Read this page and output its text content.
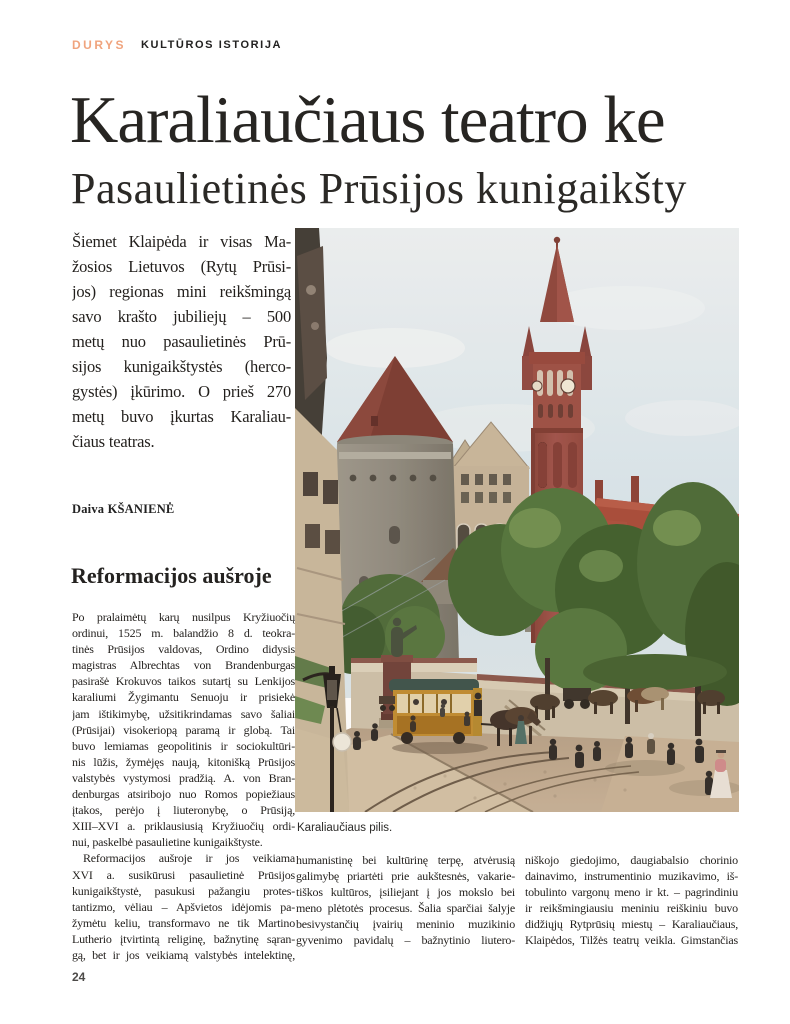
DURYS KULTŪROS ISTORIJA
Karaliaučiaus teatro ke
Pasaulietinės Prūsijos kunigaikšty
Šiemet Klaipėda ir visas Ma-
žosios Lietuvos (Rytų Prūsi-
jos) regionas mini reikšmingą
savo krašto jubiliejų – 500
metų nuo pasaulietinės Prū-
sijos kunigaikštystės (herco-
gystės) įkūrimo. O prieš 270
metų buvo įkurtas Karaliau-
čiaus teatras.
Daiva KŠANIENĖ
Reformacijos aušroje
Po pralaimėtų karų nusilpus Kryžiuočių
ordinui, 1525 m. balandžio 8 d. teokra-
tinės Prūsijos valdovas, Ordino didysis
magistras Albrechtas von Brandenburgas
pasirašė Krokuvos taikos sutartį su Lenkijos
karaliumi Žygimantu Senuoju ir prisiekė
jam ištikimybę, užsitikrindamas savo šaliai
(Prūsijai) visokeriopą paramą ir globą. Tai
buvo lemiamas geopolitinis ir sociokultūri-
nis lūžis, žymėjęs naują, kitonišką Prūsijos
valstybės vystymosi pradžią. A. von Bran-
denburgas atsiribojo nuo Romos popiežiaus
įtakos, perėjo į liuteronybę, o Prūsiją,
XIII–XVI a. priklausiusią Kryžiuočių ordi-
nui, paskelbė pasaulietine kunigaikštyste.
Reformacijos aušroje ir jos veikiama
XVI a. susikūrusi pasaulietinė Prūsijos
kunigaikštystė, pasukusi pažangiu protes-
tantizmo, vėliau – Apšvietos idėjomis pa-
žymėtu keliu, transformavo ne tik Martino
Lutherio įtvirtintą religinę, bažnytinę sąran-
gą, bet ir jos veikiamą valstybės intelektinę,
Karaliaučiaus pilis.
humanistinę bei kultūrinę terpę, atvėrusią
galimybę priartėti prie aukštesnės, vakarie-
tiškos kultūros, įsiliejant į jos mokslo bei
meno plėtotės procesus. Šalia sparčiai šalyje
besivystančių įvairių meninio muzikinio
gyvenimo pavidalų – bažnytinio liutero-
niškojo giedojimo, daugiabalsio chorinio
dainavimo, instrumentinio muzikavimo, iš-
tobulinto vargonų meno ir kt. – pagrindiniu
ir reikšmingiausiu meniniu reiškiniu buvo
didžiųjų Rytprūsių miestų – Karaliaučiaus,
Klaipėdos, Tilžės teatrų veikla. Gimstančias
24
